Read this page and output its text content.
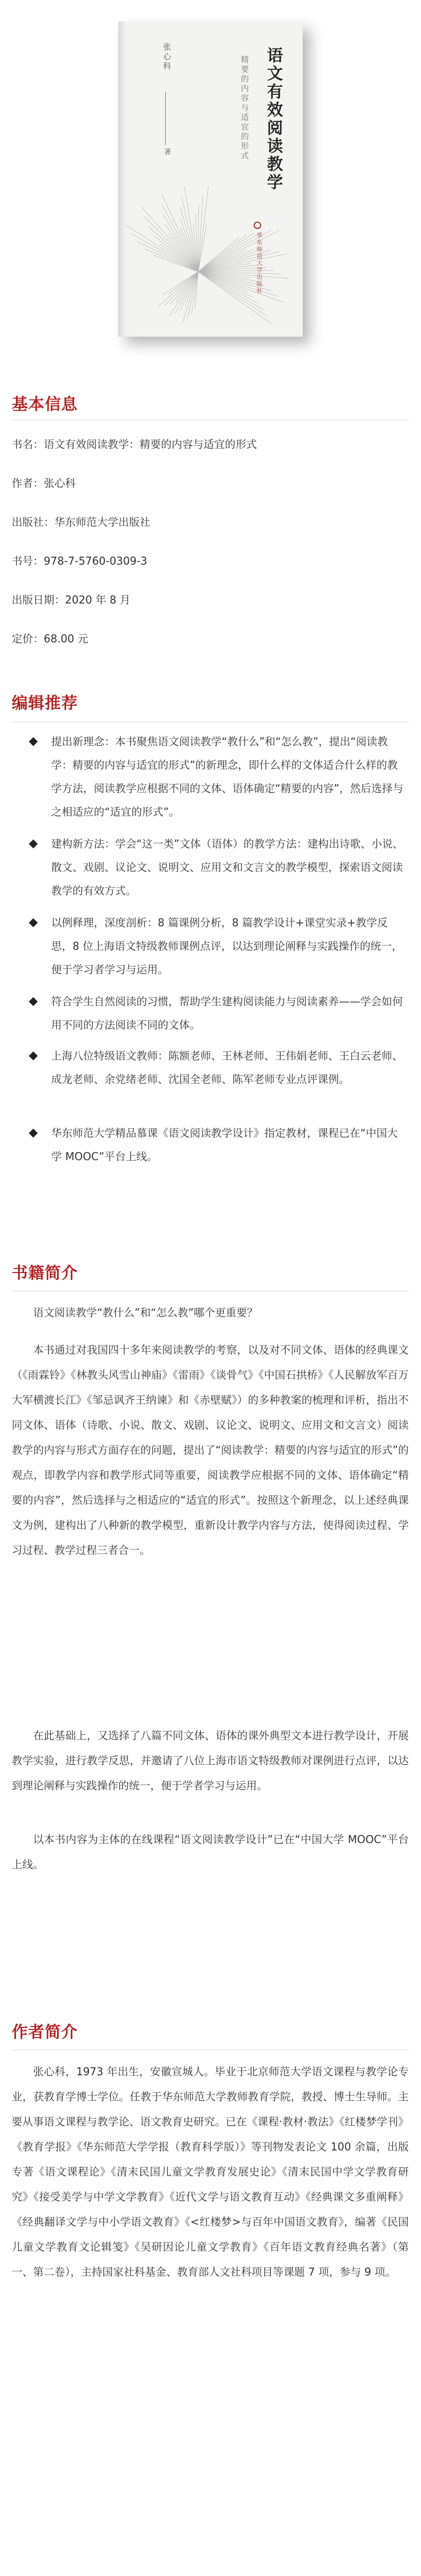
语文有效阅读教学
精要的内容与适宜的形式
张心科
著
华东师范大学出版社
基本信息
书名：语文有效阅读教学：精要的内容与适宜的形式
作者：张心科
出版社：华东师范大学出版社
书号：978-7-5760-0309-3
出版日期：2020 年 8 月
定价：68.00 元
编辑推荐
◆ 提出新理念：本书聚焦语文阅读教学“教什么”和“怎么教”，提出“阅读教学：精要的内容与适宜的形式”的新理念，即什么样的文体适合什么样的教学方法，阅读教学应根据不同的文体、语体确定“精要的内容”，然后选择与之相适应的“适宜的形式”。
◆ 建构新方法：学会“这一类”文体（语体）的教学方法：建构出诗歌、小说、散文、戏剧、议论文、说明文、应用文和文言文的教学模型，探索语文阅读教学的有效方式。
◆ 以例释理，深度剖析：8 篇课例分析，8 篇教学设计+课堂实录+教学反思，8 位上海语文特级教师课例点评，以达到理论阐释与实践操作的统一，便于学习者学习与运用。
◆ 符合学生自然阅读的习惯，帮助学生建构阅读能力与阅读素养——学会如何用不同的方法阅读不同的文体。
◆ 上海八位特级语文教师：陈额老师、王林老师、王伟娟老师、王白云老师、成龙老师、余党绪老师、沈国全老师、陈军老师专业点评课例。
◆ 华东师范大学精品慕课《语文阅读教学设计》指定教材，课程已在“中国大学 MOOC”平台上线。
书籍简介

语文阅读教学“教什么”和“怎么教”哪个更重要？

本书通过对我国四十多年来阅读教学的考察，以及对不同文体、语体的经典课文（《雨霖铃》《林教头风雪山神庙》《雷雨》《谈骨气》《中国石拱桥》《人民解放军百万大军横渡长江》《邹忌讽齐王纳谏》和《赤壁赋》）的多种教案的梳理和评析，指出不同文体、语体（诗歌、小说、散文、戏剧、议论文、说明文、应用文和文言文）阅读教学的内容与形式方面存在的问题，提出了“阅读教学：精要的内容与适宜的形式”的观点，即教学内容和教学形式同等重要，阅读教学应根据不同的文体、语体确定“精要的内容”，然后选择与之相适应的“适宜的形式”。按照这个新理念，以上述经典课文为例，建构出了八种新的教学模型，重新设计教学内容与方法，使得阅读过程、学习过程、教学过程三者合一。

在此基础上，又选择了八篇不同文体、语体的课外典型文本进行教学设计，开展教学实验，进行教学反思，并邀请了八位上海市语文特级教师对课例进行点评，以达到理论阐释与实践操作的统一，便于学者学习与运用。

以本书内容为主体的在线课程“语文阅读教学设计”已在“中国大学 MOOC”平台上线。

作者简介

张心科，1973 年出生，安徽宣城人。毕业于北京师范大学语文课程与教学论专业，获教育学博士学位。任教于华东师范大学教师教育学院，教授、博士生导师。主要从事语文课程与教学论、语文教育史研究。已在《课程·教材·教法》《红楼梦学刊》《教育学报》《华东师范大学学报（教育科学版）》等刊物发表论文 100 余篇，出版专著《语文课程论》《清末民国儿童文学教育发展史论》《清末民国中学文学教育研究》《接受美学与中学文学教育》《近代文学与语文教育互动》《经典课文多重阐释》《经典翻译文学与中小学语文教育》《<红楼梦>与百年中国语文教育》，编著《民国儿童文学教育文论辑笺》《吴研因论儿童文学教育》《百年语文教育经典名著》（第一、第二卷），主持国家社科基金、教育部人文社科项目等课题 7 项，参与 9 项。
